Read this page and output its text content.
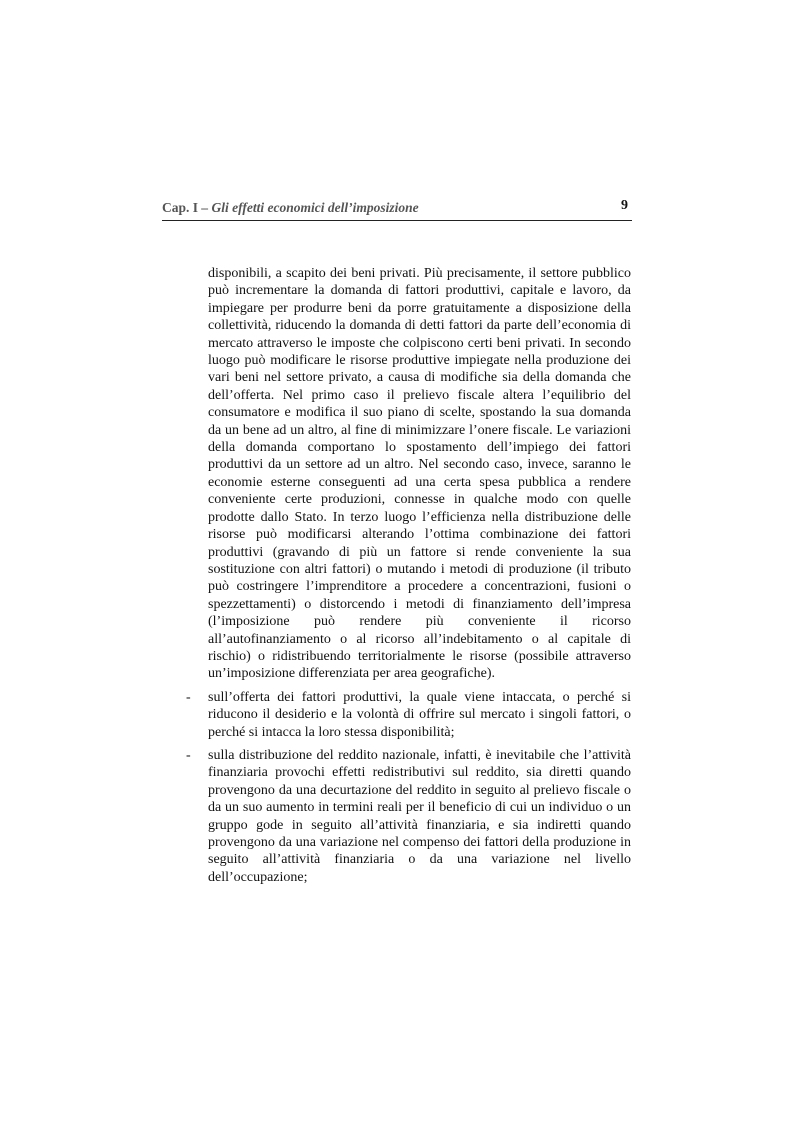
Cap. I – Gli effetti economici dell’imposizione	9

disponibili, a scapito dei beni privati. Più precisamente, il settore pubblico può incrementare la domanda di fattori produttivi, capitale e lavoro, da impiegare per produrre beni da porre gratuitamente a disposizione della collettività, riducendo la domanda di detti fattori da parte dell’economia di mercato attraverso le imposte che colpiscono certi beni privati. In secondo luogo può modificare le risorse produttive impiegate nella produzione dei vari beni nel settore privato, a causa di modifiche sia della domanda che dell’offerta. Nel primo caso il prelievo fiscale altera l’equilibrio del consumatore e modifica il suo piano di scelte, spostando la sua domanda da un bene ad un altro, al fine di minimizzare l’onere fiscale. Le variazioni della domanda comportano lo spostamento dell’impiego dei fattori produttivi da un settore ad un altro. Nel secondo caso, invece, saranno le economie esterne conseguenti ad una certa spesa pubblica a rendere conveniente certe produzioni, connesse in qualche modo con quelle prodotte dallo Stato. In terzo luogo l’efficienza nella distribuzione delle risorse può modificarsi alterando l’ottima combinazione dei fattori produttivi (gravando di più un fattore si rende conveniente la sua sostituzione con altri fattori) o mutando i metodi di produzione (il tributo può costringere l’imprenditore a procedere a concentrazioni, fusioni o spezzettamenti) o distorcendo i metodi di finanziamento dell’impresa (l’imposizione può rendere più conveniente il ricorso all’autofinanziamento o al ricorso all’indebitamento o al capitale di rischio) o ridistribuendo territorialmente le risorse (possibile attraverso un’imposizione differenziata per area geografiche).

- sull’offerta dei fattori produttivi, la quale viene intaccata, o perché si riducono il desiderio e la volontà di offrire sul mercato i singoli fattori, o perché si intacca la loro stessa disponibilità;

- sulla distribuzione del reddito nazionale, infatti, è inevitabile che l’attività finanziaria provochi effetti redistributivi sul reddito, sia diretti quando provengono da una decurtazione del reddito in seguito al prelievo fiscale o da un suo aumento in termini reali per il beneficio di cui un individuo o un gruppo gode in seguito all’attività finanziaria, e sia indiretti quando provengono da una variazione nel compenso dei fattori della produzione in seguito all’attività finanziaria o da una variazione nel livello dell’occupazione;
